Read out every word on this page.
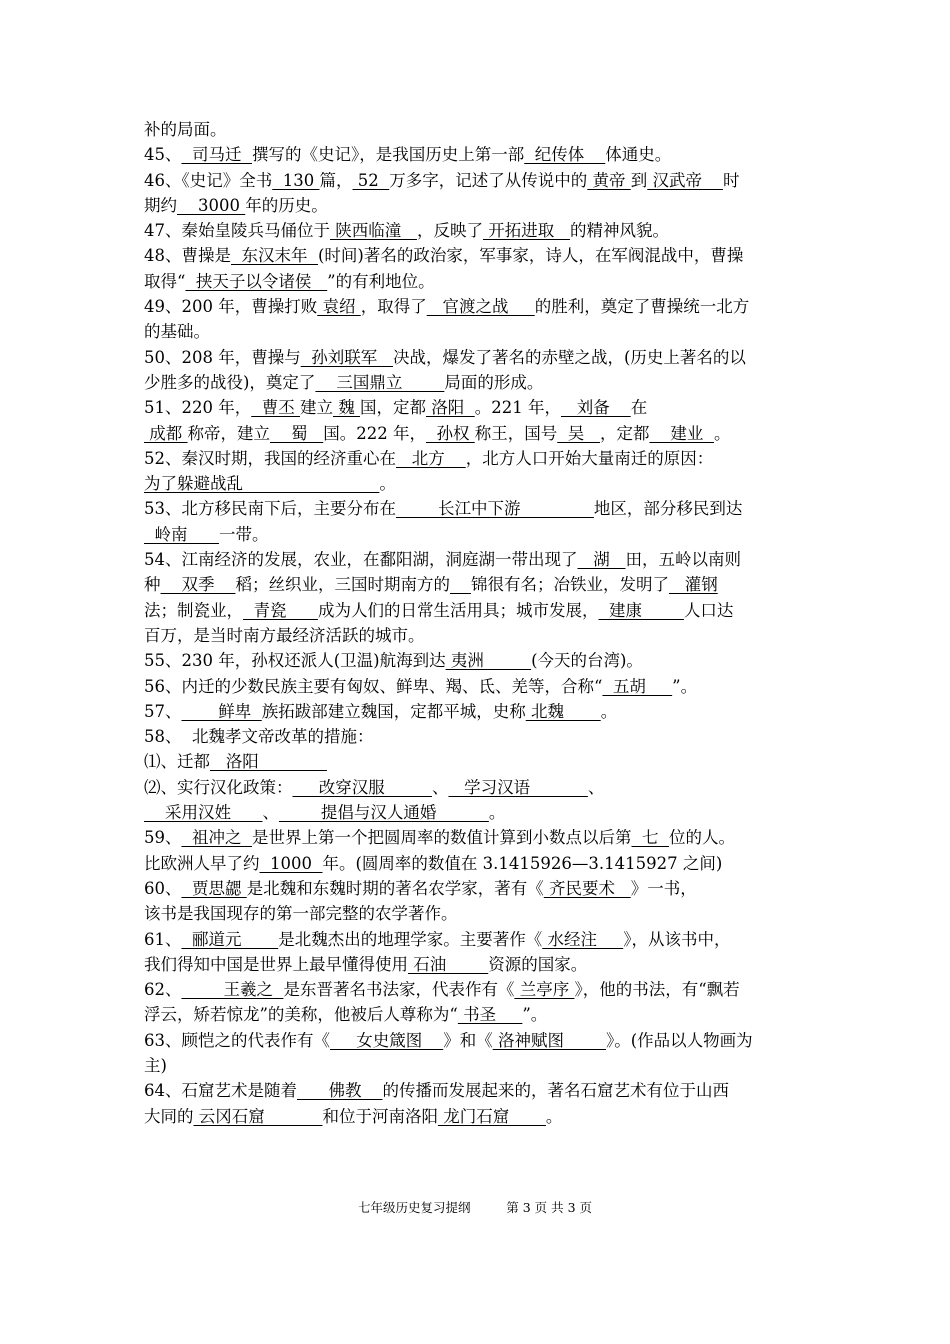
补的局面。
45、  司马迁  撰写的《史记》，是我国历史上第一部  纪传体    体通史。
46、《史记》全书  130 篇， 52  万多字，记述了从传说中的 黄帝 到 汉武帝    时
期约    3000 年的历史。
47、秦始皇陵兵马俑位于 陕西临潼   ，反映了 开拓进取   的精神风貌。
48、曹操是  东汉末年  (时间)著名的政治家，军事家，诗人，在军阀混战中，曹操
取得“  挟天子以令诸侯   ”的有利地位。
49、200 年，曹操打败 袁绍 ，取得了   官渡之战     的胜利，奠定了曹操统一北方
的基础。
50、208 年，曹操与  孙刘联军   决战，爆发了著名的赤壁之战，(历史上著名的以
少胜多的战役)，奠定了    三国鼎立        局面的形成。
51、220 年，  曹丕 建立 魏 国，定都 洛阳  。221 年，   刘备    在
成都 称帝，建立    蜀   国。222 年，  孙权 称王，国号  吴   ，定都    建业  。
52、秦汉时期，我国的经济重心在   北方    ，北方人口开始大量南迁的原因：
为了躲避战乱                          。
53、北方移民南下后，主要分布在        长江中下游              地区，部分移民到达
岭南      一带。
54、江南经济的发展，农业，在鄱阳湖，洞庭湖一带出现了   湖   田，五岭以南则
种    双季    稻；丝织业，三国时期南方的 锦很有名；冶铁业，发明了   灌钢
法；制瓷业，  青瓷      成为人们的日常生活用具；城市发展，  建康        人口达
百万，是当时南方最经济活跃的城市。
55、230 年，孙权还派人(卫温)航海到达 夷洲         (今天的台湾)。
56、内迁的少数民族主要有匈奴、鲜卑、羯、氐、羌等，合称“  五胡     ”。
57、       鲜卑  族拓跋部建立魏国，定都平城，史称 北魏       。
58、  北魏孝文帝改革的措施：
⑴、迁都   洛阳
⑵、实行汉化政策：     改穿汉服         、   学习汉语           、
采用汉姓      、        提倡与汉人通婚          。
59、  祖冲之  是世界上第一个把圆周率的数值计算到小数点以后第  七  位的人。
比欧洲人早了约  1000  年。(圆周率的数值在 3.1415926—3.1415927 之间)
60、  贾思勰 是北魏和东魏时期的著名农学家，著有《 齐民要术   》一书，
该书是我国现存的第一部完整的农学著作。
61、  郦道元       是北魏杰出的地理学家。主要著作《 水经注     》，从该书中，
我们得知中国是世界上最早懂得使用 石油        资源的国家。
62、        王羲之  是东晋著名书法家，代表作有《 兰亭序 》，他的书法，有“飘若
浮云，矫若惊龙”的美称，他被后人尊称为“ 书圣     ”。
63、顾恺之的代表作有《     女史箴图    》和《 洛神赋图        》。(作品以人物画为
主)
64、石窟艺术是随着      佛教    的传播而发展起来的，著名石窟艺术有位于山西
大同的 云冈石窟           和位于河南洛阳 龙门石窟       。
七年级历史复习提纲	第 3 页 共 3 页
